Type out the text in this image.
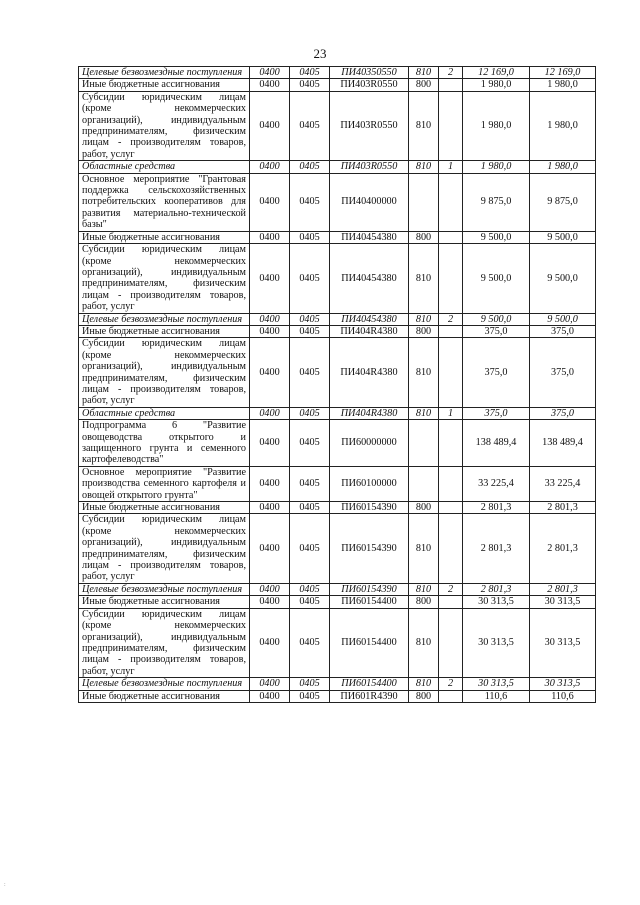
23
Целевые безвозмездные поступления	0400	0405	ПИ40350550	810	2	12 169,0	12 169,0
Иные бюджетные ассигнования	0400	0405	ПИ403R0550	800		1 980,0	1 980,0
Субсидии юридическим лицам (кроме некоммерческих организаций), индивидуальным предпринимателям, физическим лицам - производителям товаров, работ, услуг	0400	0405	ПИ403R0550	810		1 980,0	1 980,0
Областные средства	0400	0405	ПИ403R0550	810	1	1 980,0	1 980,0
Основное мероприятие "Грантовая поддержка сельскохозяйственных потребительских кооперативов для развития материально-технической базы"	0400	0405	ПИ40400000			9 875,0	9 875,0
Иные бюджетные ассигнования	0400	0405	ПИ40454380	800		9 500,0	9 500,0
Субсидии юридическим лицам (кроме некоммерческих организаций), индивидуальным предпринимателям, физическим лицам - производителям товаров, работ, услуг	0400	0405	ПИ40454380	810		9 500,0	9 500,0
Целевые безвозмездные поступления	0400	0405	ПИ40454380	810	2	9 500,0	9 500,0
Иные бюджетные ассигнования	0400	0405	ПИ404R4380	800		375,0	375,0
Субсидии юридическим лицам (кроме некоммерческих организаций), индивидуальным предпринимателям, физическим лицам - производителям товаров, работ, услуг	0400	0405	ПИ404R4380	810		375,0	375,0
Областные средства	0400	0405	ПИ404R4380	810	1	375,0	375,0
Подпрограмма 6 "Развитие овощеводства открытого и защищенного грунта и семенного картофелеводства"	0400	0405	ПИ60000000			138 489,4	138 489,4
Основное мероприятие "Развитие производства семенного картофеля и овощей открытого грунта"	0400	0405	ПИ60100000			33 225,4	33 225,4
Иные бюджетные ассигнования	0400	0405	ПИ60154390	800		2 801,3	2 801,3
Субсидии юридическим лицам (кроме некоммерческих организаций), индивидуальным предпринимателям, физическим лицам - производителям товаров, работ, услуг	0400	0405	ПИ60154390	810		2 801,3	2 801,3
Целевые безвозмездные поступления	0400	0405	ПИ60154390	810	2	2 801,3	2 801,3
Иные бюджетные ассигнования	0400	0405	ПИ60154400	800		30 313,5	30 313,5
Субсидии юридическим лицам (кроме некоммерческих организаций), индивидуальным предпринимателям, физическим лицам - производителям товаров, работ, услуг	0400	0405	ПИ60154400	810		30 313,5	30 313,5
Целевые безвозмездные поступления	0400	0405	ПИ60154400	810	2	30 313,5	30 313,5
Иные бюджетные ассигнования	0400	0405	ПИ601R4390	800		110,6	110,6
:
